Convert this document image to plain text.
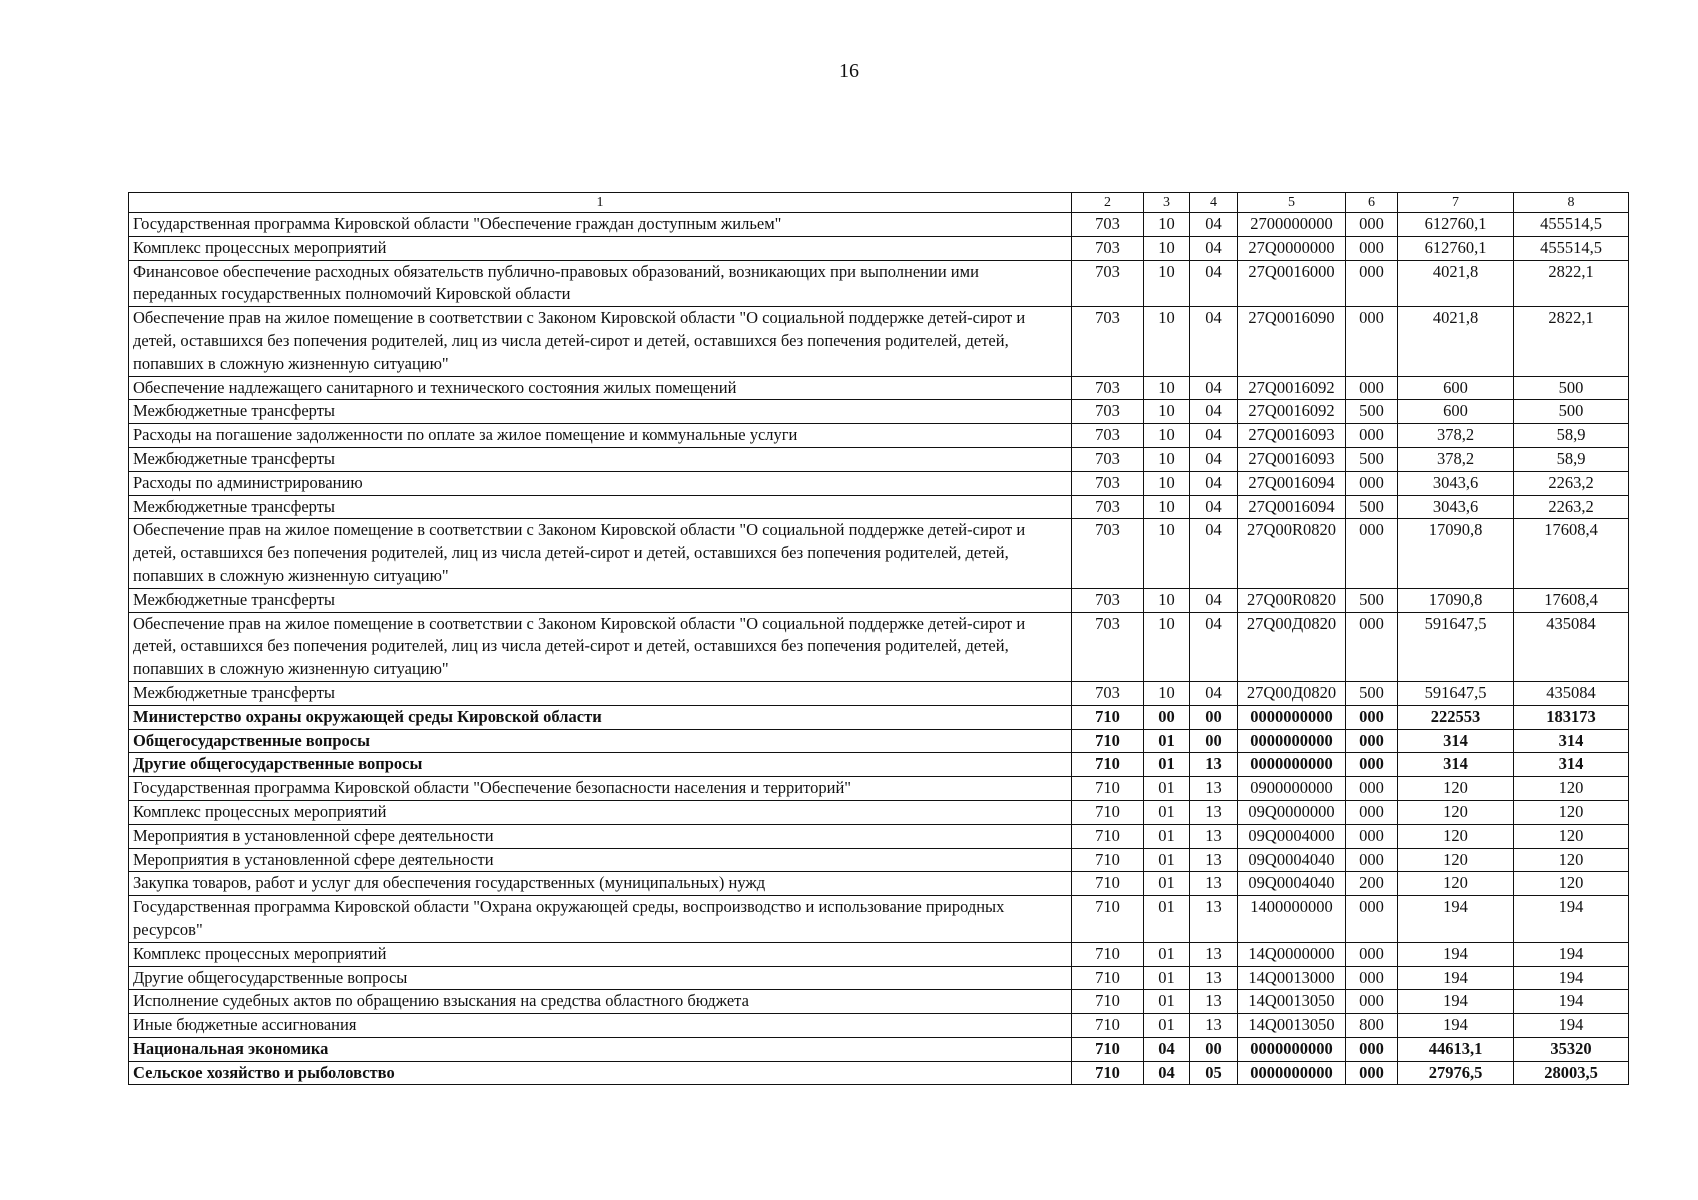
16
1	2	3	4	5	6	7	8
Государственная программа Кировской области "Обеспечение граждан доступным жильем"	703	10	04	2700000000	000	612760,1	455514,5
Комплекс процессных мероприятий	703	10	04	27Q0000000	000	612760,1	455514,5
Финансовое обеспечение расходных обязательств публично-правовых образований, возникающих при выполнении ими переданных государственных полномочий Кировской области	703	10	04	27Q0016000	000	4021,8	2822,1
Обеспечение прав на жилое помещение в соответствии с Законом Кировской области "О социальной поддержке детей-сирот и детей, оставшихся без попечения родителей, лиц из числа детей-сирот и детей, оставшихся без попечения родителей, детей, попавших в сложную жизненную ситуацию"	703	10	04	27Q0016090	000	4021,8	2822,1
Обеспечение надлежащего санитарного и технического состояния жилых помещений	703	10	04	27Q0016092	000	600	500
Межбюджетные трансферты	703	10	04	27Q0016092	500	600	500
Расходы на погашение задолженности по оплате за жилое помещение и коммунальные услуги	703	10	04	27Q0016093	000	378,2	58,9
Межбюджетные трансферты	703	10	04	27Q0016093	500	378,2	58,9
Расходы по администрированию	703	10	04	27Q0016094	000	3043,6	2263,2
Межбюджетные трансферты	703	10	04	27Q0016094	500	3043,6	2263,2
Обеспечение прав на жилое помещение в соответствии с Законом Кировской области "О социальной поддержке детей-сирот и детей, оставшихся без попечения родителей, лиц из числа детей-сирот и детей, оставшихся без попечения родителей, детей, попавших в сложную жизненную ситуацию"	703	10	04	27Q00R0820	000	17090,8	17608,4
Межбюджетные трансферты	703	10	04	27Q00R0820	500	17090,8	17608,4
Обеспечение прав на жилое помещение в соответствии с Законом Кировской области "О социальной поддержке детей-сирот и детей, оставшихся без попечения родителей, лиц из числа детей-сирот и детей, оставшихся без попечения родителей, детей, попавших в сложную жизненную ситуацию"	703	10	04	27Q00Д0820	000	591647,5	435084
Межбюджетные трансферты	703	10	04	27Q00Д0820	500	591647,5	435084
Министерство охраны окружающей среды Кировской области	710	00	00	0000000000	000	222553	183173
Общегосударственные вопросы	710	01	00	0000000000	000	314	314
Другие общегосударственные вопросы	710	01	13	0000000000	000	314	314
Государственная программа Кировской области "Обеспечение безопасности населения и территорий"	710	01	13	0900000000	000	120	120
Комплекс процессных мероприятий	710	01	13	09Q0000000	000	120	120
Мероприятия в установленной сфере деятельности	710	01	13	09Q0004000	000	120	120
Мероприятия в установленной сфере деятельности	710	01	13	09Q0004040	000	120	120
Закупка товаров, работ и услуг для обеспечения государственных (муниципальных) нужд	710	01	13	09Q0004040	200	120	120
Государственная программа Кировской области "Охрана окружающей среды, воспроизводство и использование природных ресурсов"	710	01	13	1400000000	000	194	194
Комплекс процессных мероприятий	710	01	13	14Q0000000	000	194	194
Другие общегосударственные вопросы	710	01	13	14Q0013000	000	194	194
Исполнение судебных актов по обращению взыскания на средства областного бюджета	710	01	13	14Q0013050	000	194	194
Иные бюджетные ассигнования	710	01	13	14Q0013050	800	194	194
Национальная экономика	710	04	00	0000000000	000	44613,1	35320
Сельское хозяйство и рыболовство	710	04	05	0000000000	000	27976,5	28003,5
